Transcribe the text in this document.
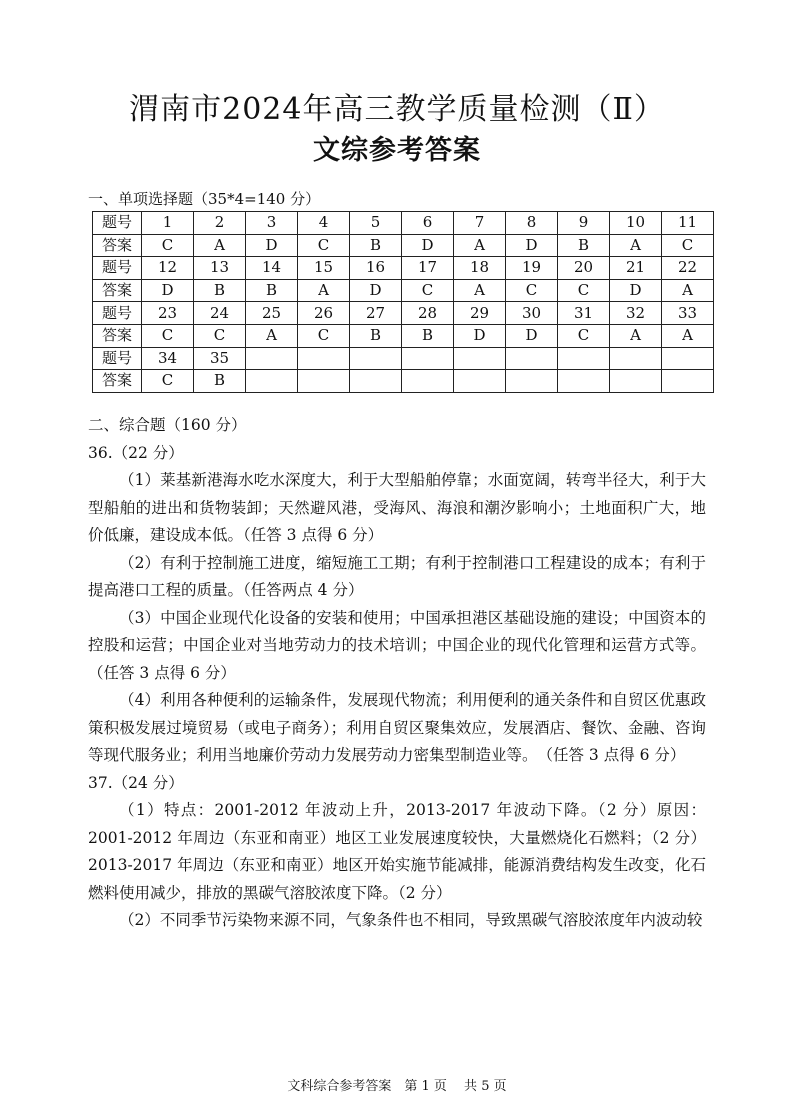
渭南市2024年高三教学质量检测（Ⅱ）
文综参考答案
一、单项选择题（35*4=140 分）
题号	1	2	3	4	5	6	7	8	9	10	11
答案	C	A	D	C	B	D	A	D	B	A	C
题号	12	13	14	15	16	17	18	19	20	21	22
答案	D	B	B	A	D	C	A	C	C	D	A
题号	23	24	25	26	27	28	29	30	31	32	33
答案	C	C	A	C	B	B	D	D	C	A	A
题号	34	35									
答案	C	B									

二、综合题（160 分）

36.（22 分）

（1）莱基新港海水吃水深度大，利于大型船舶停靠；水面宽阔，转弯半径大，利于大型船舶的进出和货物装卸；天然避风港，受海风、海浪和潮汐影响小；土地面积广大，地价低廉，建设成本低。（任答 3 点得 6 分）

（2）有利于控制施工进度，缩短施工工期；有利于控制港口工程建设的成本；有利于提高港口工程的质量。（任答两点 4 分）

（3）中国企业现代化设备的安装和使用；中国承担港区基础设施的建设；中国资本的控股和运营；中国企业对当地劳动力的技术培训；中国企业的现代化管理和运营方式等。（任答 3 点得 6 分）

（4）利用各种便利的运输条件，发展现代物流；利用便利的通关条件和自贸区优惠政策积极发展过境贸易（或电子商务）；利用自贸区聚集效应，发展酒店、餐饮、金融、咨询等现代服务业；利用当地廉价劳动力发展劳动力密集型制造业等。　（任答 3 点得 6 分）

37.（24 分）

（1）特点：2001-2012 年波动上升，2013-2017 年波动下降。（2 分）原因：2001-2012 年周边（东亚和南亚）地区工业发展速度较快，大量燃烧化石燃料；（2 分）2013-2017 年周边（东亚和南亚）地区开始实施节能减排，能源消费结构发生改变，化石燃料使用减少，排放的黑碳气溶胶浓度下降。（2 分）

（2）不同季节污染物来源不同，气象条件也不相同，导致黑碳气溶胶浓度年内波动较

文科综合参考答案　第 1 页　 共 5 页
